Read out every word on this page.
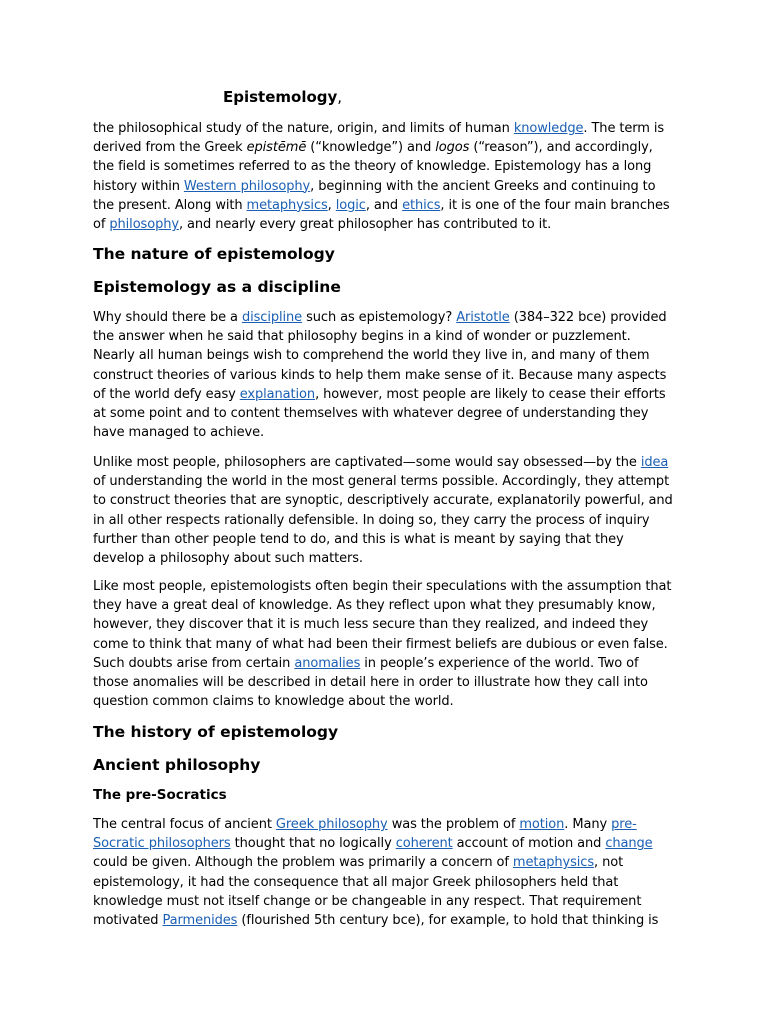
Epistemology,

the philosophical study of the nature, origin, and limits of human knowledge. The term is derived from the Greek epistēmē (“knowledge”) and logos (“reason”), and accordingly, the field is sometimes referred to as the theory of knowledge. Epistemology has a long history within Western philosophy, beginning with the ancient Greeks and continuing to the present. Along with metaphysics, logic, and ethics, it is one of the four main branches of philosophy, and nearly every great philosopher has contributed to it.

The nature of epistemology
Epistemology as a discipline

Why should there be a discipline such as epistemology? Aristotle (384–322 bce) provided the answer when he said that philosophy begins in a kind of wonder or puzzlement. Nearly all human beings wish to comprehend the world they live in, and many of them construct theories of various kinds to help them make sense of it. Because many aspects of the world defy easy explanation, however, most people are likely to cease their efforts at some point and to content themselves with whatever degree of understanding they have managed to achieve.

Unlike most people, philosophers are captivated—some would say obsessed—by the idea of understanding the world in the most general terms possible. Accordingly, they attempt to construct theories that are synoptic, descriptively accurate, explanatorily powerful, and in all other respects rationally defensible. In doing so, they carry the process of inquiry further than other people tend to do, and this is what is meant by saying that they develop a philosophy about such matters.

Like most people, epistemologists often begin their speculations with the assumption that they have a great deal of knowledge. As they reflect upon what they presumably know, however, they discover that it is much less secure than they realized, and indeed they come to think that many of what had been their firmest beliefs are dubious or even false. Such doubts arise from certain anomalies in people’s experience of the world. Two of those anomalies will be described in detail here in order to illustrate how they call into question common claims to knowledge about the world.

The history of epistemology
Ancient philosophy
The pre-Socratics

The central focus of ancient Greek philosophy was the problem of motion. Many pre-Socratic philosophers thought that no logically coherent account of motion and change could be given. Although the problem was primarily a concern of metaphysics, not epistemology, it had the consequence that all major Greek philosophers held that knowledge must not itself change or be changeable in any respect. That requirement motivated Parmenides (flourished 5th century bce), for example, to hold that thinking is
